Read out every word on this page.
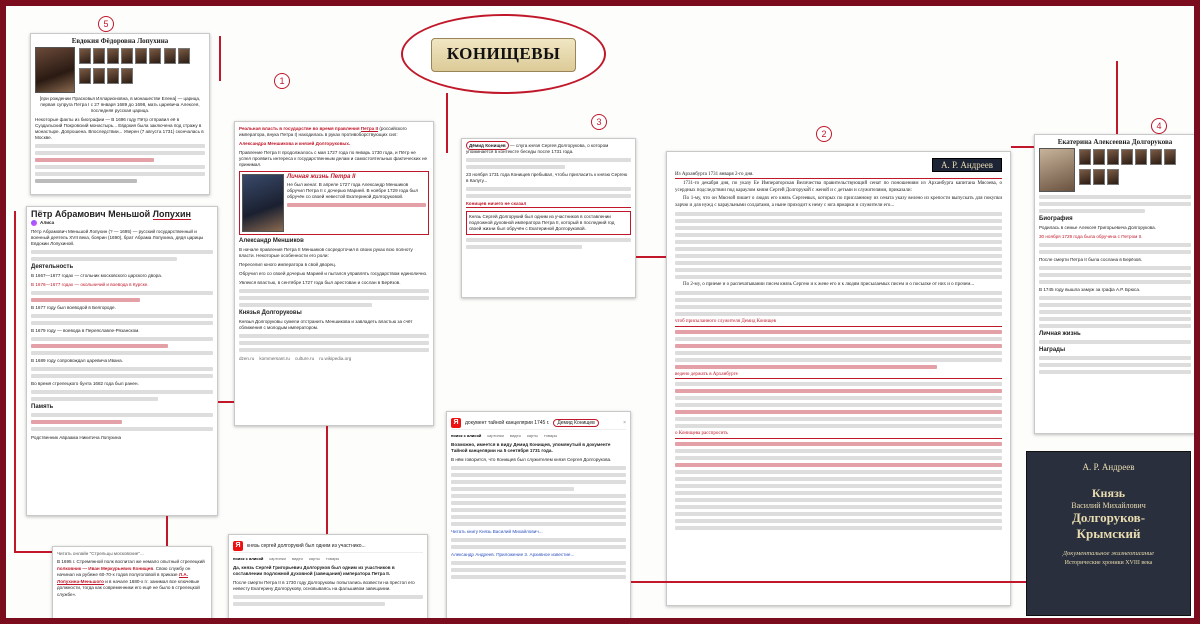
КОНИЩЕВЫ
Евдокия Фёдоровна Лопухина

[при рождении Прасковья Илларионовна, в монашестве Елена] — царица, первая супруга Петра I с 27 января 1689 до 1698, мать царевича Алексея, последняя русская царица.

Некоторые факты из биографии — В 1696 году Пётр отправил её в Суздальский Покровский монастырь... Евдокия была заключена под стражу в монастыре. Допрошена. Впоследствии... Уверен (7 августа 1731) скончалась в Москве.

Пётр Абрамович Меньшой Лопухин
Алиса

Пётр Абрамович Меньшой Лопухин (? — 1695) — русский государственный и военный деятель XVII века, боярин (1690), брат Абрама Лопухина, дядя царицы Евдокии Лопухиной.

Деятельность

В 1667—1677 годах — стольник московского царского двора.

В 1676—1677 годах — окольничий и воевода в Курске.

В 1677 году был воеводой в Белгороде.

В 1679 году — воевода в Переяславле-Рязанском.

В 1689 году сопровождал царевича Ивана.

Во время стрелецкого бунта 1682 года был ранен.

Память

Родственник Авраама Никитича Лопухина

Реальная власть в государстве во время правления Петра II (российского императора, внука Петра I) находилась в руках противоборствующих сил:

Александра Меншикова и князей Долгоруковых.

Правление Петра II продолжалось с мая 1727 года по январь 1730 года, и Пётр не успел проявить интереса к государственным делам и самостоятельных фактических не принимал.

Личная жизнь Петра II

Не был женат. В апреле 1727 года Александр Меншиков обручил Петра II с дочерью Марией. В ноябре 1729 года был обручён со своей невестой Екатериной Долгоруковой.

Александр Меншиков

В начале правления Петра II Меншиков сосредоточил в своих руках всю полноту власти. Некоторые особенности его роли:

Переселил юного императора в свой дворец.

Обручил его со своей дочерью Марией и пытался управлять государством единолично.

Увлекся властью, в сентябре 1727 года был арестован и сослан в Берёзов.

Князья Долгоруковы

Князья Долгоруковы сумели отстранить Меншикова и завладеть властью за счёт сближения с молодым императором.

dzen.ru kommersant.ru culture.ru ru.wikipedia.org

Дёмид Конищев — слуга князя Сергея Долгорукова, о котором упоминается в контексте беседы после 1731 года.

23 ноября 1731 года Конищев пребывал, чтобы пригласить к князю Сергею в Калугу...

Конищев ничего не сказал

Князь Сергей Долгорукий был одним из участников в составлении подложной духовной императора Петра II, который в последний год своей жизни был обручён с Екатериной Долгоруковой.

А. Р. Андреев

Из Арханбурга 1731 января 2-го дня.

1731-го декабря дня, по указу Ее Императорская Величества правительствующий сенат по поношениям из Арханбурга капитана Мясоева, о усердных подследствии под караулом князя Сергей Долгоруко́й с женой и с детьми и служителями, приказали:

По 1-му, что он Мясной пишет о людях его князь Сергеевых, которых по присланному из сената указу велено из крепости выпускать для покупки харчю и для нужд с караульными солдатами, а ныне приходит к нему с юга ярмарки и служители его...

По 2-му, о приеме и о распечатывании писем князь Сергею и к жене его и к людям присылаемых писем и о посылке от них и о прочем...

чтоб присыланного служителя Демид Конищев
ведено держать в Арханбурге
о Конищева расспросить
Екатерина Алексеевна Долгорукова

Биография

Родилась в семье Алексея Григорьевича Долгорукова.

30 ноября 1729 года была обручена с Петром II.

После смерти Петра II была сослана в Берёзов.

В 1745 году вышла замуж за графа А.Р. Брюса.

Личная жизнь
Награды
Читать онлайн "Стрельцы московские"...

В 1695 г. Стремянной полк воспитал же немало опытный стрелецкий полковник — Иван Меркурьевич Конищев. Свою службу он начинал на рубеже 60-70-х годов полуголовой в приказе Л.А. Лопухина-Меньшого и в начале 1680-х гг. занимал все ключевые должности, тогда как современники его ещё не было в стрелецкой службе».

Я	князь сергей долгорукий был одним из участнико...
поиск с алисой картинки видео карты товары

Да, князь Сергей Григорьевич Долгоруков был одним из участников в составлении подложной духовной (завещания) императора Петра II.

После смерти Петра II в 1730 году Долгоруковы попытались возвести на престол его невесту Екатерину Долгорукову, основываясь на фальшивом завещании.

Я	документ тайной канцелярии 1745 г.	Демид Конищев	×
поиск с алисой картинки видео карты товары

Возможно, имеется в виду Демид Конищев, упомянутый в документе Тайной канцелярии на 5 сентября 1731 года.

В нём говорится, что Конищев был служителем князя Сергея Долгорукова.

Читать книгу Князь Василий Михайлович...

Александр Андреев. Приложение 3. Архивное известие...

А. Р. Андреев
Князь
Василий Михайлович
Долгоруков-
Крымский
Документальное жизнеописание
Исторические хроники XVIII века
5
1
2
3	4
